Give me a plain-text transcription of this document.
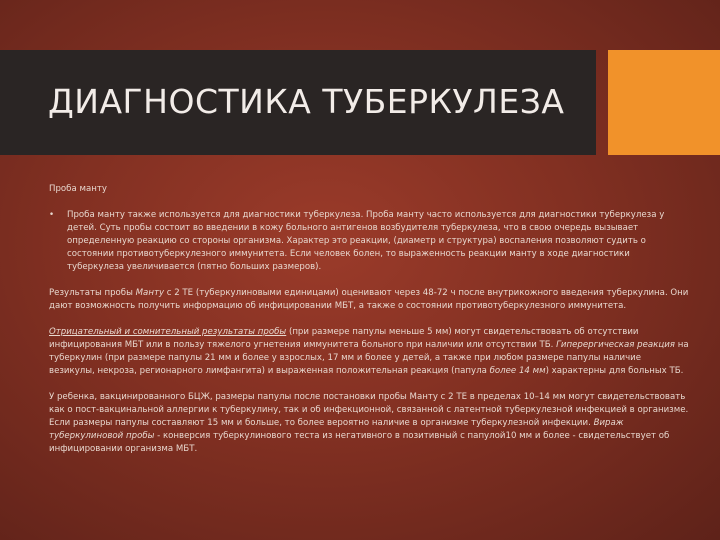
ДИАГНОСТИКА ТУБЕРКУЛЕЗА

Проба манту

•	Проба манту также используется для диагностики туберкулеза. Проба манту часто используется для диагностики туберкулеза у детей. Суть пробы состоит во введении в кожу больного антигенов возбудителя туберкулеза, что в свою очередь вызывает определенную реакцию со стороны организма. Характер это реакции, (диаметр и структура) воспаления позволяют судить о состоянии противотуберкулезного иммунитета. Если человек болен, то выраженность реакции манту в ходе диагностики туберкулеза увеличивается (пятно больших размеров).

Результаты пробы Манту с 2 ТЕ (туберкулиновыми единицами) оценивают через 48-72 ч после внутрикожного введения туберкулина. Они дают возможность получить информацию об инфицировании МБТ, а также о состоянии противотуберкулезного иммунитета.

Отрицательный и сомнительный результаты пробы (при размере папулы меньше 5 мм) могут свидетельствовать об отсутствии инфицирования МБТ или в пользу тяжелого угнетения иммунитета больного при наличии или отсутствии ТБ. Гиперергическая реакция на туберкулин (при размере папулы 21 мм и более у взрослых, 17 мм и более у детей, а также при любом размере папулы наличие везикулы, некроза, регионарного лимфангита) и выраженная положительная реакция (папула более 14 мм) характерны для больных ТБ.

У ребенка, вакцинированного БЦЖ, размеры папулы после постановки пробы Манту с 2 ТЕ в пределах 10–14 мм могут свидетельствовать как о пост-вакцинальной аллергии к туберкулину, так и об инфекционной, связанной с латентной туберкулезной инфекцией в организме. Если размеры папулы составляют 15 мм и больше, то более вероятно наличие в организме туберкулезной инфекции. Вираж туберкулиновой пробы - конверсия туберкулинового теста из негативного в позитивный с папулой10 мм и более - свидетельствует об инфицировании организма МБТ.
